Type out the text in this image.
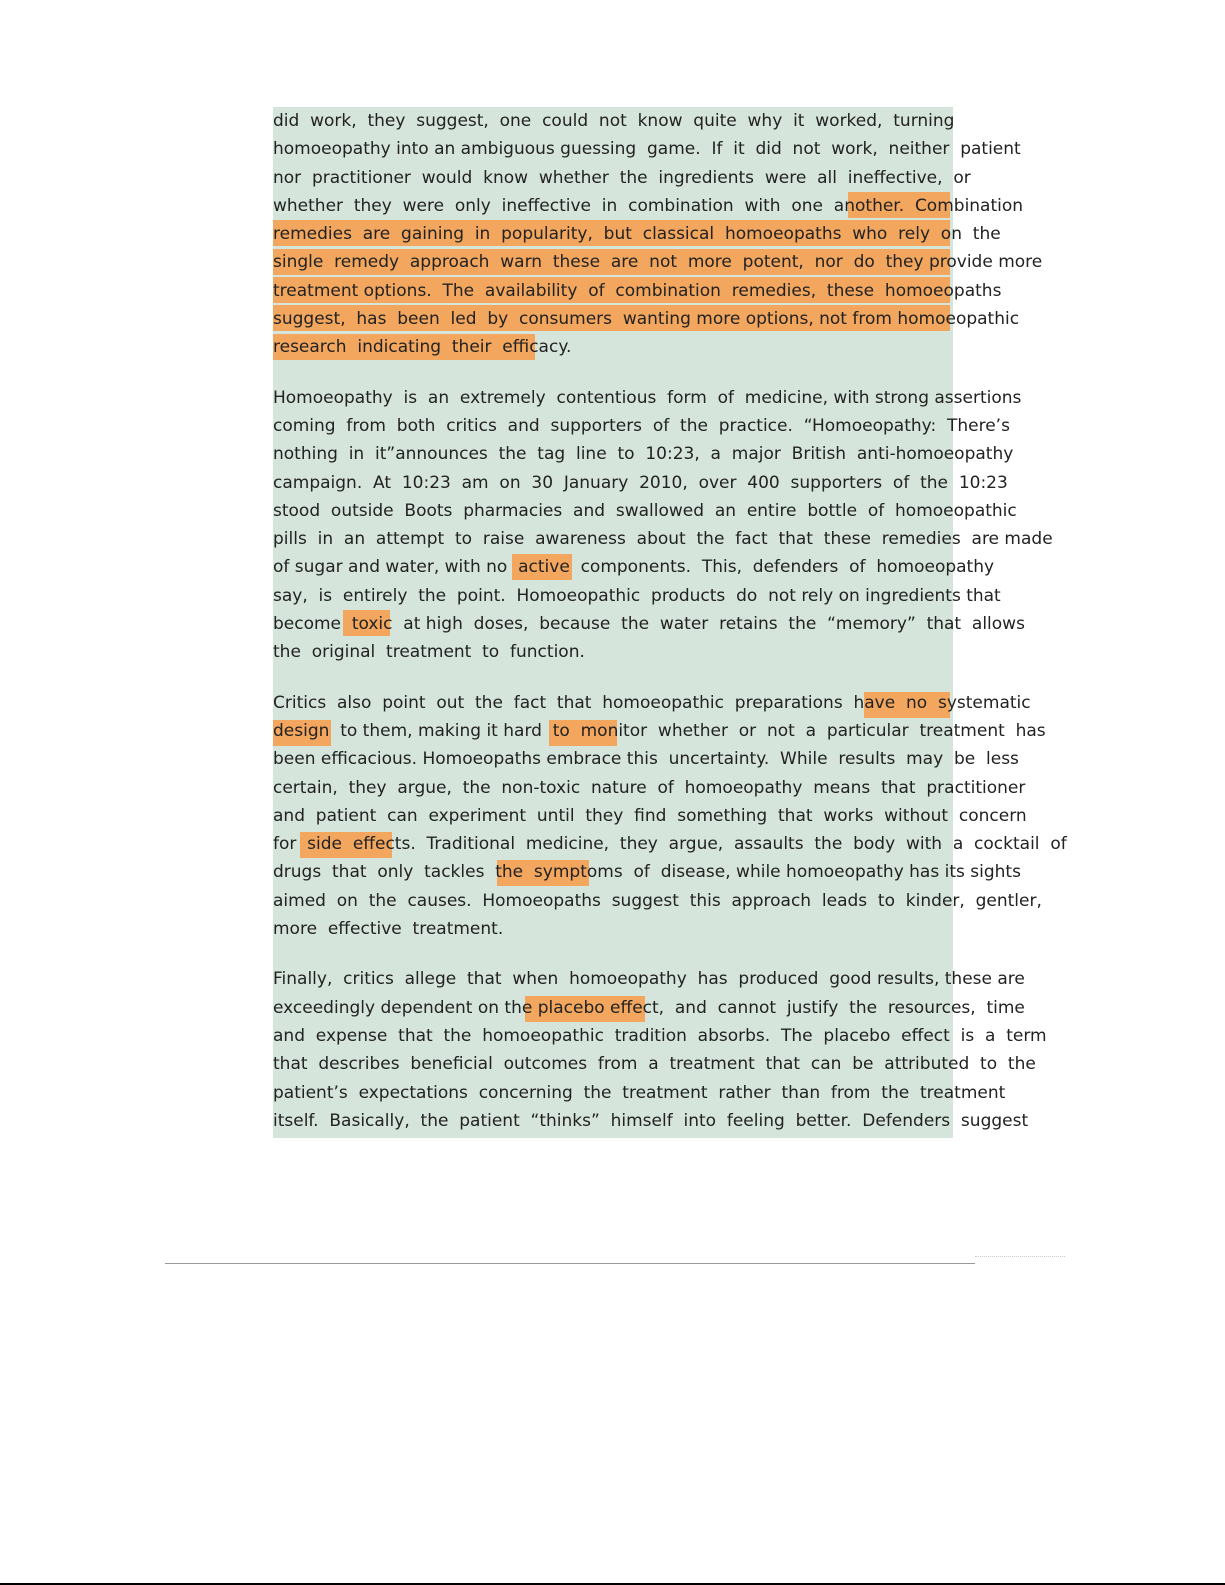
did  work,  they  suggest,  one  could  not  know  quite  why  it  worked,  turning
homoeopathy into an ambiguous guessing  game.  If  it  did  not  work,  neither  patient
nor  practitioner  would  know  whether  the  ingredients  were  all  ineffective,  or
whether  they  were  only  ineffective  in  combination  with  one  another.  Combination
remedies  are  gaining  in  popularity,  but  classical  homoeopaths  who  rely  on  the
single  remedy  approach  warn  these  are  not  more  potent,  nor  do  they provide more
treatment options.  The  availability  of  combination  remedies,  these  homoeopaths
suggest,  has  been  led  by  consumers  wanting more options, not from homoeopathic
research  indicating  their  efficacy.

Homoeopathy  is  an  extremely  contentious  form  of  medicine, with strong assertions
coming  from  both  critics  and  supporters  of  the  practice.  “Homoeopathy:  There’s
nothing  in  it”announces  the  tag  line  to  10:23,  a  major  British  anti-homoeopathy
campaign.  At  10:23  am  on  30  January  2010,  over  400  supporters  of  the  10:23
stood  outside  Boots  pharmacies  and  swallowed  an  entire  bottle  of  homoeopathic
pills  in  an  attempt  to  raise  awareness  about  the  fact  that  these  remedies  are made
of sugar and water, with no  active  components.  This,  defenders  of  homoeopathy
say,  is  entirely  the  point.  Homoeopathic  products  do  not rely on ingredients that
become  toxic  at high  doses,  because  the  water  retains  the  “memory”  that  allows
the  original  treatment  to  function.

Critics  also  point  out  the  fact  that  homoeopathic  preparations  have  no  systematic
design  to them, making it hard  to  monitor  whether  or  not  a  particular  treatment  has
been efficacious. Homoeopaths embrace this  uncertainty.  While  results  may  be  less
certain,  they  argue,  the  non-toxic  nature  of  homoeopathy  means  that  practitioner
and  patient  can  experiment  until  they  find  something  that  works  without  concern
for  side  effects.  Traditional  medicine,  they  argue,  assaults  the  body  with  a  cocktail  of
drugs  that  only  tackles  the  symptoms  of  disease, while homoeopathy has its sights
aimed  on  the  causes.  Homoeopaths  suggest  this  approach  leads  to  kinder,  gentler,
more  effective  treatment.

Finally,  critics  allege  that  when  homoeopathy  has  produced  good results, these are
exceedingly dependent on the placebo effect,  and  cannot  justify  the  resources,  time
and  expense  that  the  homoeopathic  tradition  absorbs.  The  placebo  effect  is  a  term
that  describes  beneficial  outcomes  from  a  treatment  that  can  be  attributed  to  the
patient’s  expectations  concerning  the  treatment  rather  than  from  the  treatment
itself.  Basically,  the  patient  “thinks”  himself  into  feeling  better.  Defenders  suggest
